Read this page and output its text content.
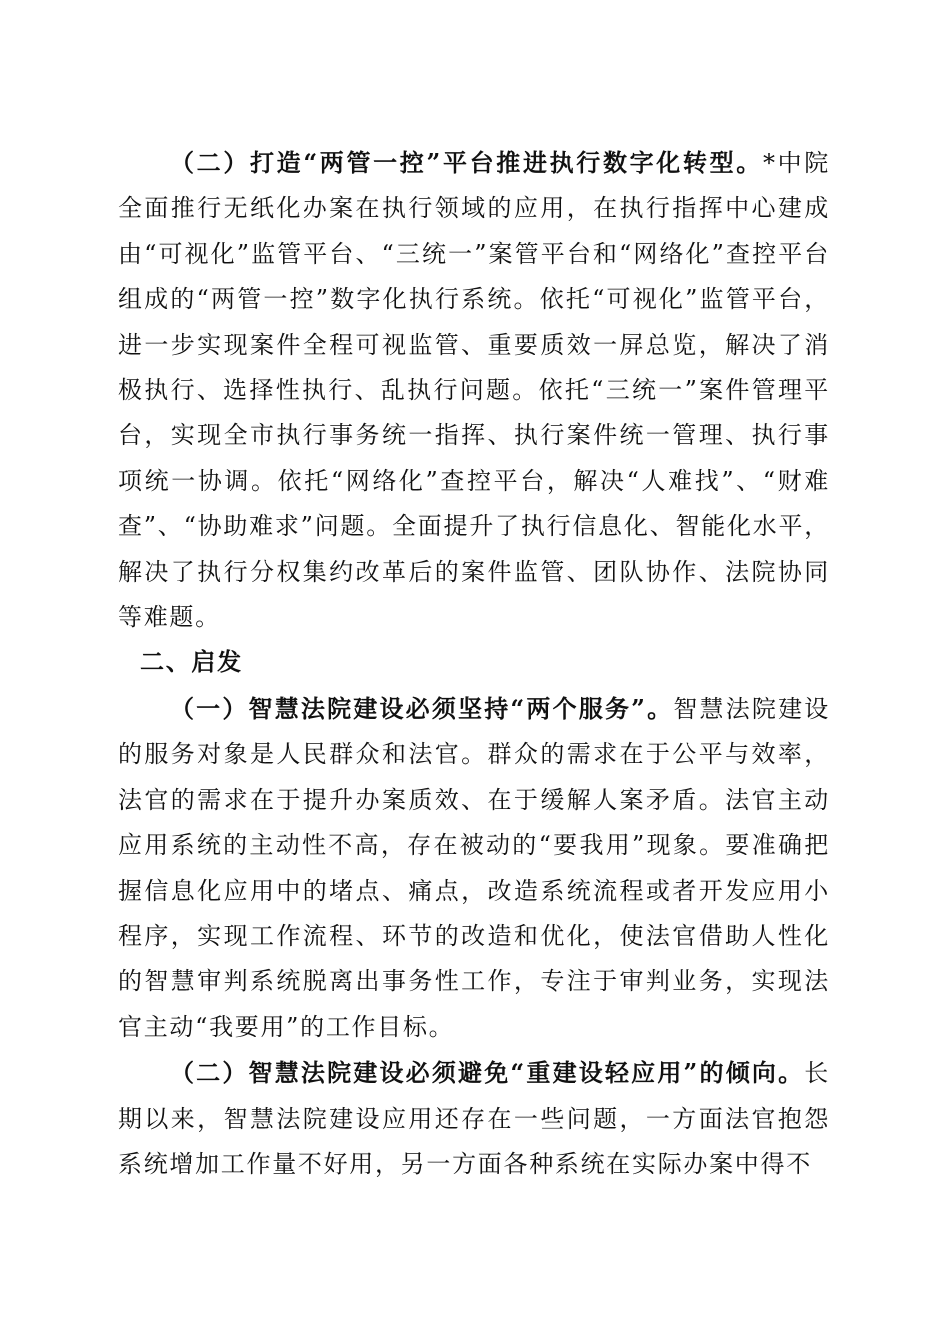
（二）打造“两管一控”平台推进执行数字化转型。*中院全面推行无纸化办案在执行领域的应用，在执行指挥中心建成由“可视化”监管平台、“三统一”案管平台和“网络化”查控平台组成的“两管一控”数字化执行系统。依托“可视化”监管平台，进一步实现案件全程可视监管、重要质效一屏总览，解决了消极执行、选择性执行、乱执行问题。依托“三统一”案件管理平台，实现全市执行事务统一指挥、执行案件统一管理、执行事项统一协调。依托“网络化”查控平台，解决“人难找”、“财难查”、“协助难求”问题。全面提升了执行信息化、智能化水平，解决了执行分权集约改革后的案件监管、团队协作、法院协同等难题。

二、启发

（一）智慧法院建设必须坚持“两个服务”。智慧法院建设的服务对象是人民群众和法官。群众的需求在于公平与效率，法官的需求在于提升办案质效、在于缓解人案矛盾。法官主动应用系统的主动性不高，存在被动的“要我用”现象。要准确把握信息化应用中的堵点、痛点，改造系统流程或者开发应用小程序，实现工作流程、环节的改造和优化，使法官借助人性化的智慧审判系统脱离出事务性工作，专注于审判业务，实现法官主动“我要用”的工作目标。

（二）智慧法院建设必须避免“重建设轻应用”的倾向。长期以来，智慧法院建设应用还存在一些问题，一方面法官抱怨系统增加工作量不好用，另一方面各种系统在实际办案中得不
